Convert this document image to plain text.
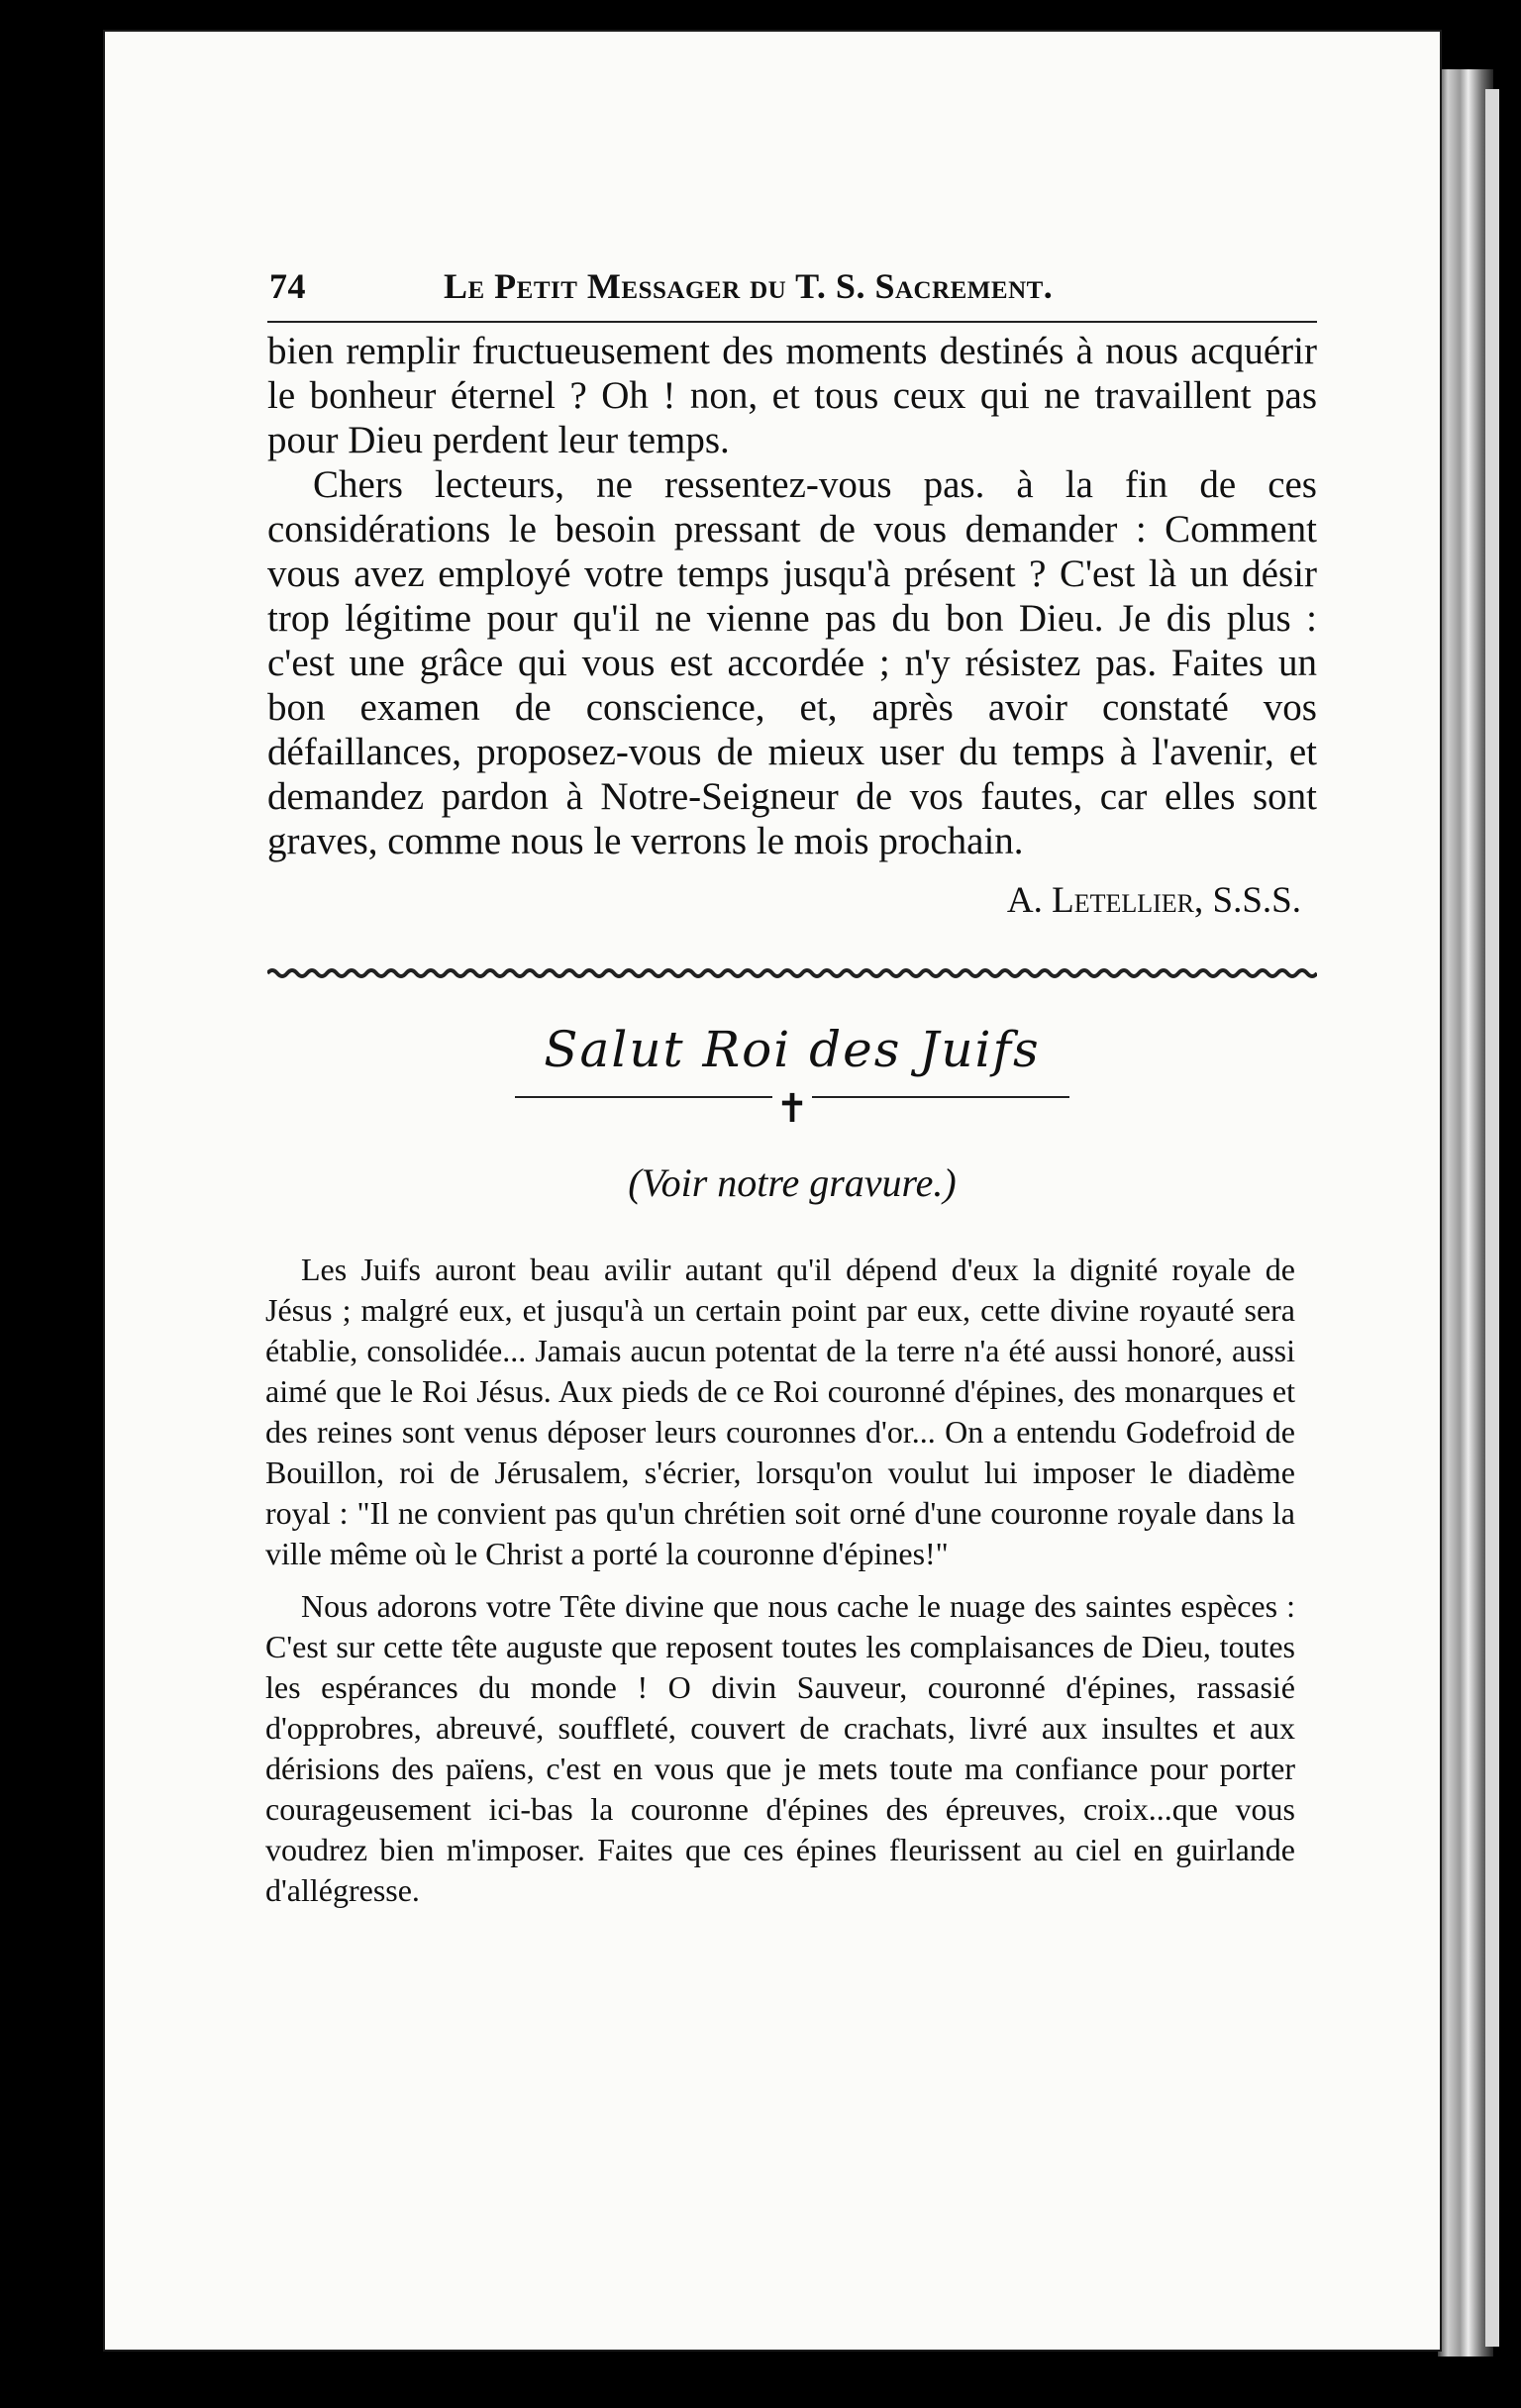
74	Le Petit Messager du T. S. Sacrement.

bien remplir fructueusement des moments destinés à nous acquérir le bonheur éternel ? Oh ! non, et tous ceux qui ne travaillent pas pour Dieu perdent leur temps.

Chers lecteurs, ne ressentez-vous pas. à la fin de ces considérations le besoin pressant de vous demander : Comment vous avez employé votre temps jusqu'à présent ? C'est là un désir trop légitime pour qu'il ne vienne pas du bon Dieu. Je dis plus : c'est une grâce qui vous est accordée ; n'y résistez pas. Faites un bon examen de conscience, et, après avoir constaté vos défaillances, proposez-vous de mieux user du temps à l'avenir, et demandez pardon à Notre-Seigneur de vos fautes, car elles sont graves, comme nous le verrons le mois prochain.

A. Letellier, S.S.S.
Salut Roi des Juifs
✝
(Voir notre gravure.)

Les Juifs auront beau avilir autant qu'il dépend d'eux la dignité royale de Jésus ; malgré eux, et jusqu'à un certain point par eux, cette divine royauté sera établie, consolidée... Jamais aucun potentat de la terre n'a été aussi honoré, aussi aimé que le Roi Jésus. Aux pieds de ce Roi couronné d'épines, des monarques et des reines sont venus déposer leurs couronnes d'or... On a entendu Godefroid de Bouillon, roi de Jérusalem, s'écrier, lorsqu'on voulut lui imposer le diadème royal : "Il ne convient pas qu'un chrétien soit orné d'une couronne royale dans la ville même où le Christ a porté la couronne d'épines!"

Nous adorons votre Tête divine que nous cache le nuage des saintes espèces : C'est sur cette tête auguste que reposent toutes les complaisances de Dieu, toutes les espérances du monde ! O divin Sauveur, couronné d'épines, rassasié d'opprobres, abreuvé, souffleté, couvert de crachats, livré aux insultes et aux dérisions des païens, c'est en vous que je mets toute ma confiance pour porter courageusement ici-bas la couronne d'épines des épreuves, croix...que vous voudrez bien m'imposer. Faites que ces épines fleurissent au ciel en guirlande d'allégresse.
